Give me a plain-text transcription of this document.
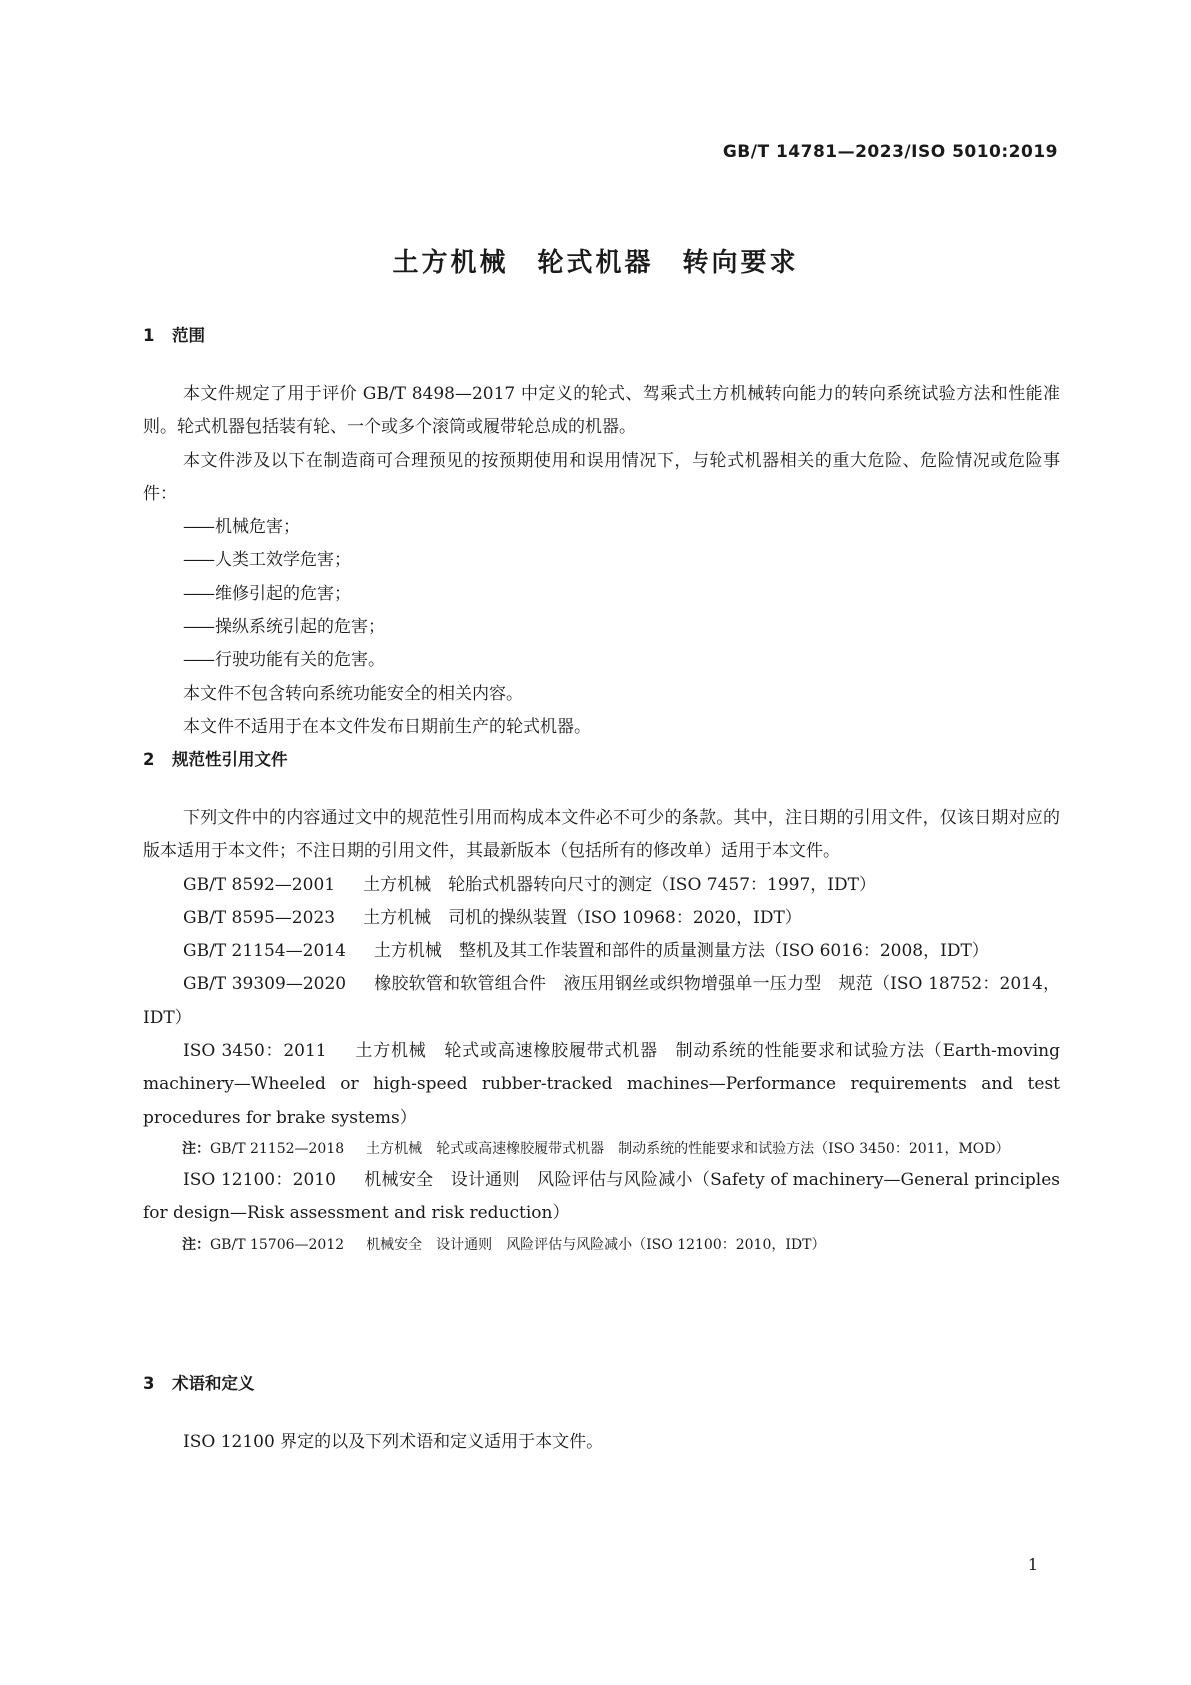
GB/T 14781—2023/ISO 5010:2019

土方机械　轮式机器　转向要求
1 范围

本文件规定了用于评价 GB/T 8498—2017 中定义的轮式、驾乘式土方机械转向能力的转向系统试验方法和性能准则。轮式机器包括装有轮、一个或多个滚筒或履带轮总成的机器。

本文件涉及以下在制造商可合理预见的按预期使用和误用情况下，与轮式机器相关的重大危险、危险情况或危险事件：

—— 机械危害；

—— 人类工效学危害；

—— 维修引起的危害；

—— 操纵系统引起的危害；

—— 行驶功能有关的危害。

本文件不包含转向系统功能安全的相关内容。

本文件不适用于在本文件发布日期前生产的轮式机器。

2 规范性引用文件

下列文件中的内容通过文中的规范性引用而构成本文件必不可少的条款。其中，注日期的引用文件，仅该日期对应的版本适用于本文件；不注日期的引用文件，其最新版本（包括所有的修改单）适用于本文件。

GB/T 8592—2001 土方机械　轮胎式机器转向尺寸的测定（ISO 7457：1997，IDT）

GB/T 8595—2023 土方机械　司机的操纵装置（ISO 10968：2020，IDT）

GB/T 21154—2014 土方机械　整机及其工作装置和部件的质量测量方法（ISO 6016：2008，IDT）

GB/T 39309—2020 橡胶软管和软管组合件　液压用钢丝或织物增强单一压力型　规范（ISO 18752：2014，IDT）

ISO 3450：2011 土方机械　轮式或高速橡胶履带式机器　制动系统的性能要求和试验方法（Earth-moving machinery—Wheeled or high-speed rubber-tracked machines—Performance requirements and test procedures for brake systems）

注：GB/T 21152—2018 土方机械　轮式或高速橡胶履带式机器　制动系统的性能要求和试验方法（ISO 3450：2011，MOD）

ISO 12100：2010 机械安全　设计通则　风险评估与风险减小（Safety of machinery—General principles for design—Risk assessment and risk reduction）

注：GB/T 15706—2012 机械安全　设计通则　风险评估与风险减小（ISO 12100：2010，IDT）

3 术语和定义

ISO 12100 界定的以及下列术语和定义适用于本文件。

1
